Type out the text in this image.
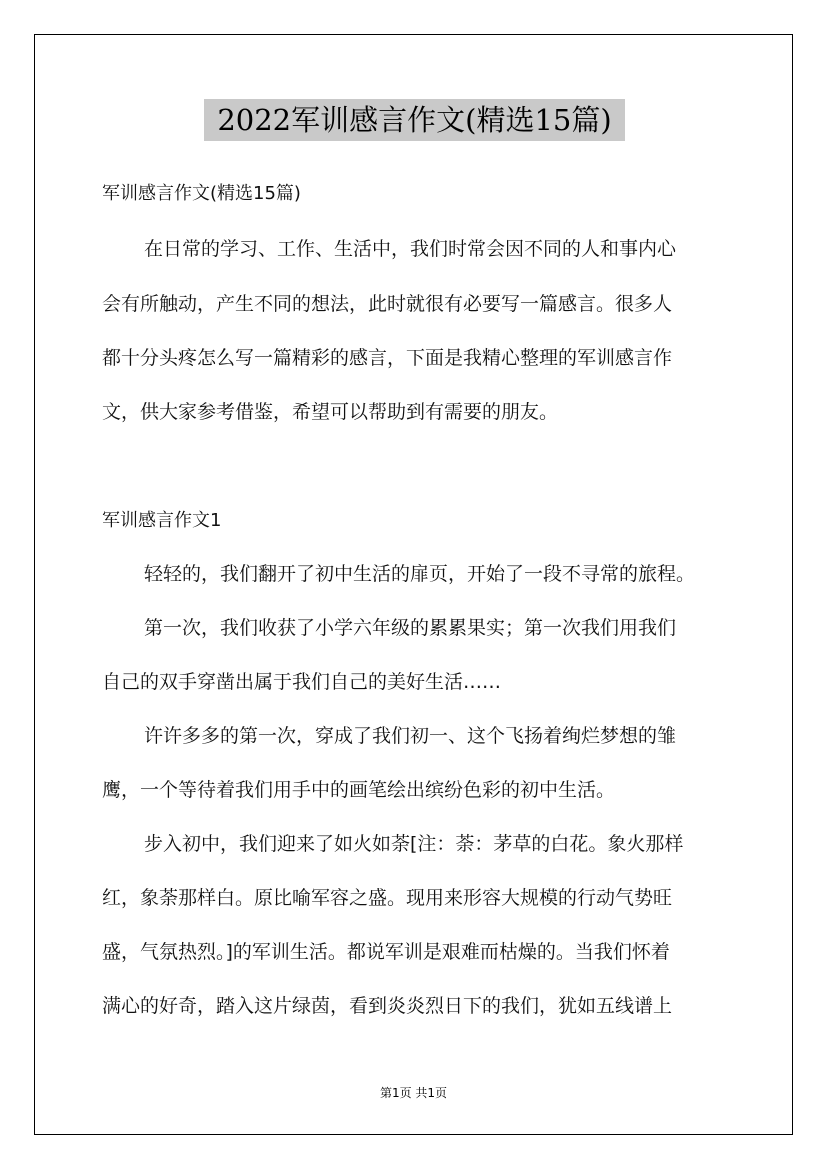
2022军训感言作文(精选15篇)
军训感言作文(精选15篇)
在日常的学习、工作、生活中，我们时常会因不同的人和事内心
会有所触动，产生不同的想法，此时就很有必要写一篇感言。很多人
都十分头疼怎么写一篇精彩的感言，下面是我精心整理的军训感言作
文，供大家参考借鉴，希望可以帮助到有需要的朋友。
军训感言作文1
轻轻的，我们翻开了初中生活的扉页，开始了一段不寻常的旅程。
第一次，我们收获了小学六年级的累累果实；第一次我们用我们
自己的双手穿凿出属于我们自己的美好生活……
许许多多的第一次，穿成了我们初一、这个飞扬着绚烂梦想的雏
鹰，一个等待着我们用手中的画笔绘出缤纷色彩的初中生活。
步入初中，我们迎来了如火如荼[注：荼：茅草的白花。象火那样
红，象荼那样白。原比喻军容之盛。现用来形容大规模的行动气势旺
盛，气氛热烈。]的军训生活。都说军训是艰难而枯燥的。当我们怀着
满心的好奇，踏入这片绿茵，看到炎炎烈日下的我们，犹如五线谱上
第1页 共1页
